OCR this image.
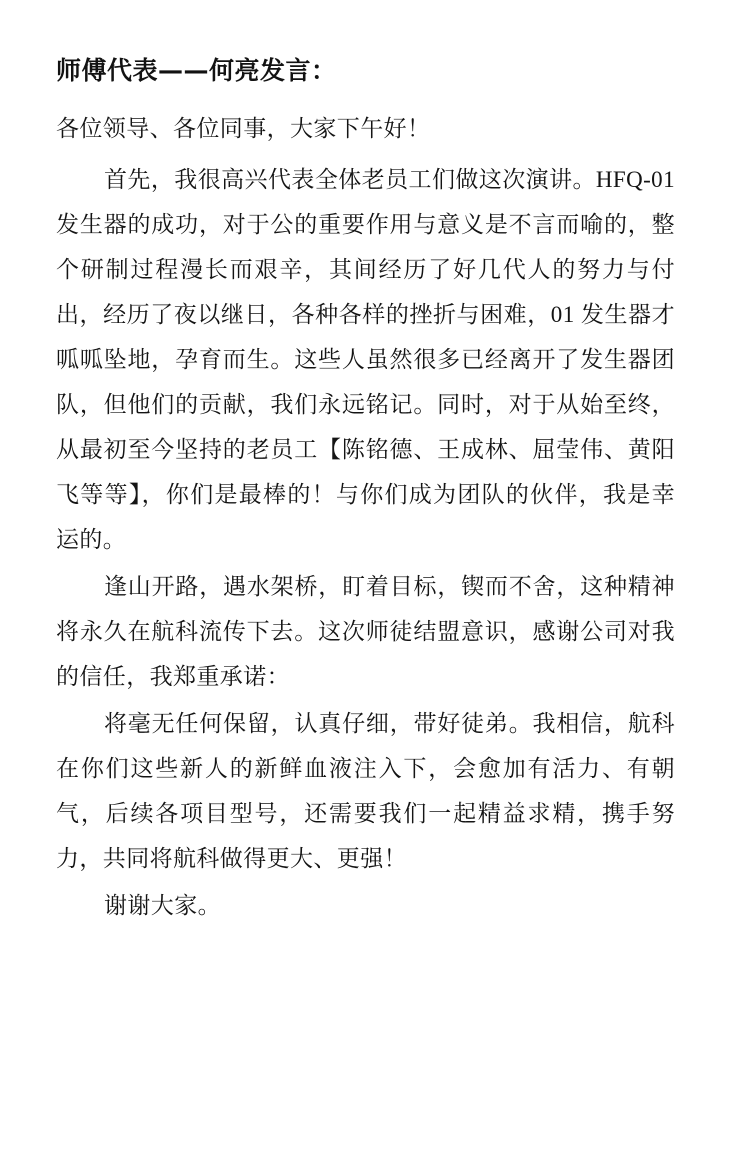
师傅代表——何亮发言：

各位领导、各位同事，大家下午好！

首先，我很高兴代表全体老员工们做这次演讲。HFQ-01 发生器的成功，对于公的重要作用与意义是不言而喻的，整个研制过程漫长而艰辛，其间经历了好几代人的努力与付出，经历了夜以继日，各种各样的挫折与困难，01 发生器才呱呱坠地，孕育而生。这些人虽然很多已经离开了发生器团队，但他们的贡献，我们永远铭记。同时，对于从始至终，从最初至今坚持的老员工【陈铭德、王成林、屈莹伟、黄阳飞等等】，你们是最棒的！与你们成为团队的伙伴，我是幸运的。

逢山开路，遇水架桥，盯着目标，锲而不舍，这种精神将永久在航科流传下去。这次师徒结盟意识，感谢公司对我的信任，我郑重承诺：

将毫无任何保留，认真仔细，带好徒弟。我相信，航科在你们这些新人的新鲜血液注入下，会愈加有活力、有朝气，后续各项目型号，还需要我们一起精益求精，携手努力，共同将航科做得更大、更强！

谢谢大家。
